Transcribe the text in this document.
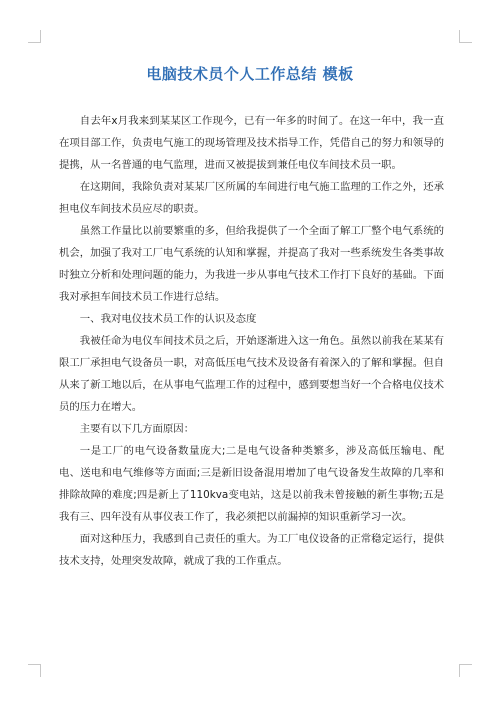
电脑技术员个人工作总结 模板

自去年x月我来到某某区工作现今，已有一年多的时间了。在这一年中，我一直在项目部工作，负责电气施工的现场管理及技术指导工作，凭借自己的努力和领导的提携，从一名普通的电气监理，进而又被提拔到兼任电仪车间技术员一职。

在这期间，我除负责对某某厂区所属的车间进行电气施工监理的工作之外，还承担电仪车间技术员应尽的职责。

虽然工作量比以前要繁重的多，但给我提供了一个全面了解工厂整个电气系统的机会，加强了我对工厂电气系统的认知和掌握，并提高了我对一些系统发生各类事故时独立分析和处理问题的能力，为我进一步从事电气技术工作打下良好的基础。下面我对承担车间技术员工作进行总结。

一、我对电仪技术员工作的认识及态度

我被任命为电仪车间技术员之后，开始逐渐进入这一角色。虽然以前我在某某有限工厂承担电气设备员一职，对高低压电气技术及设备有着深入的了解和掌握。但自从来了新工地以后，在从事电气监理工作的过程中，感到要想当好一个合格电仪技术员的压力在增大。

主要有以下几方面原因：

一是工厂的电气设备数量庞大;二是电气设备种类繁多，涉及高低压输电、配电、送电和电气维修等方面面;三是新旧设备混用增加了电气设备发生故障的几率和排除故障的难度;四是新上了110kva变电站，这是以前我未曾接触的新生事物;五是我有三、四年没有从事仪表工作了，我必须把以前漏掉的知识重新学习一次。

面对这种压力，我感到自己责任的重大。为工厂电仪设备的正常稳定运行，提供技术支持，处理突发故障，就成了我的工作重点。
